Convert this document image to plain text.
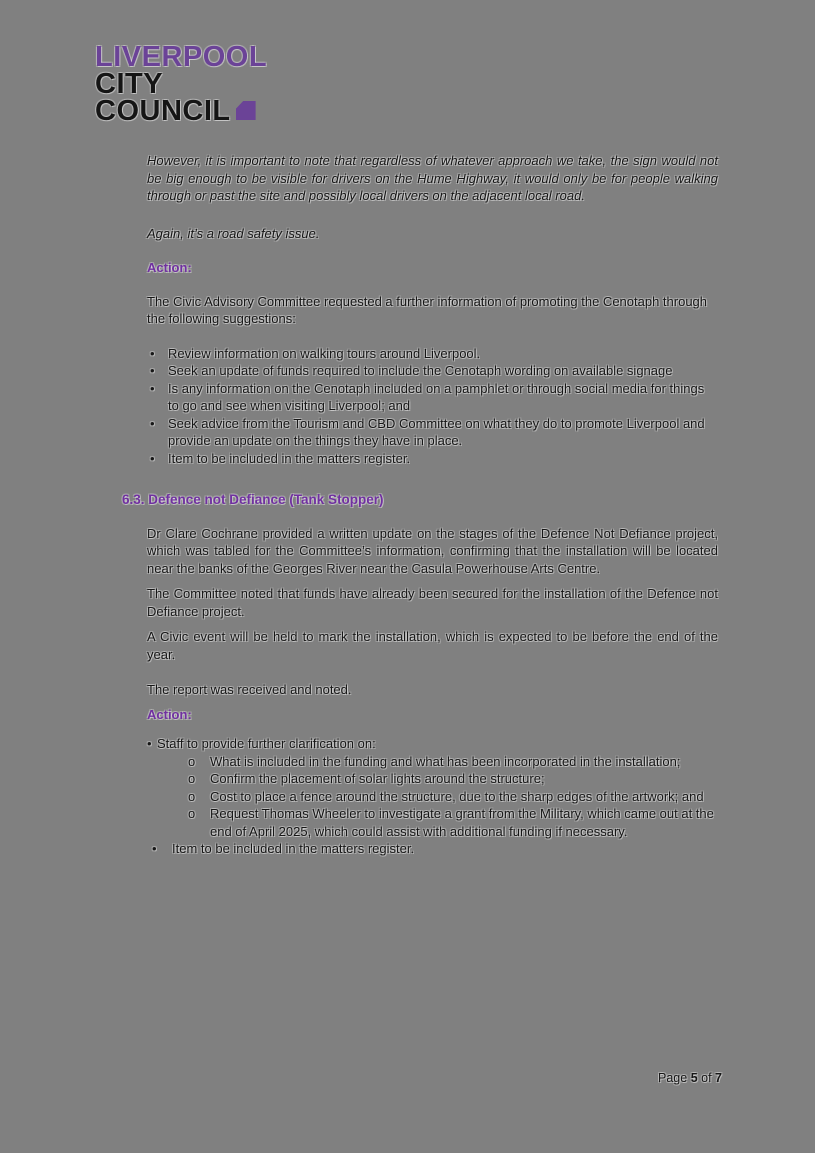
LIVERPOOL
CITY
COUNCIL

However, it is important to note that regardless of whatever approach we take, the sign would not be big enough to be visible for drivers on the Hume Highway, it would only be for people walking through or past the site and possibly local drivers on the adjacent local road.

Again, it’s a road safety issue.

Action:

The Civic Advisory Committee requested a further information of promoting the Cenotaph through the following suggestions:

•	Review information on walking tours around Liverpool.
•	Seek an update of funds required to include the Cenotaph wording on available signage
•	Is any information on the Cenotaph included on a pamphlet or through social media for things to go and see when visiting Liverpool; and
•	Seek advice from the Tourism and CBD Committee on what they do to promote Liverpool and provide an update on the things they have in place.
•	Item to be included in the matters register.
6.3. Defence not Defiance (Tank Stopper)

Dr Clare Cochrane provided a written update on the stages of the Defence Not Defiance project, which was tabled for the Committee’s information, confirming that the installation will be located near the banks of the Georges River near the Casula Powerhouse Arts Centre.

The Committee noted that funds have already been secured for the installation of the Defence not Defiance project.

A Civic event will be held to mark the installation, which is expected to be before the end of the year.

The report was received and noted.

Action:
• Staff to provide further clarification on:
o	What is included in the funding and what has been incorporated in the installation;
o	Confirm the placement of solar lights around the structure;
o	Cost to place a fence around the structure, due to the sharp edges of the artwork; and
o	Request Thomas Wheeler to investigate a grant from the Military, which came out at the end of April 2025, which could assist with additional funding if necessary.
•	Item to be included in the matters register.
Page 5 of 7
